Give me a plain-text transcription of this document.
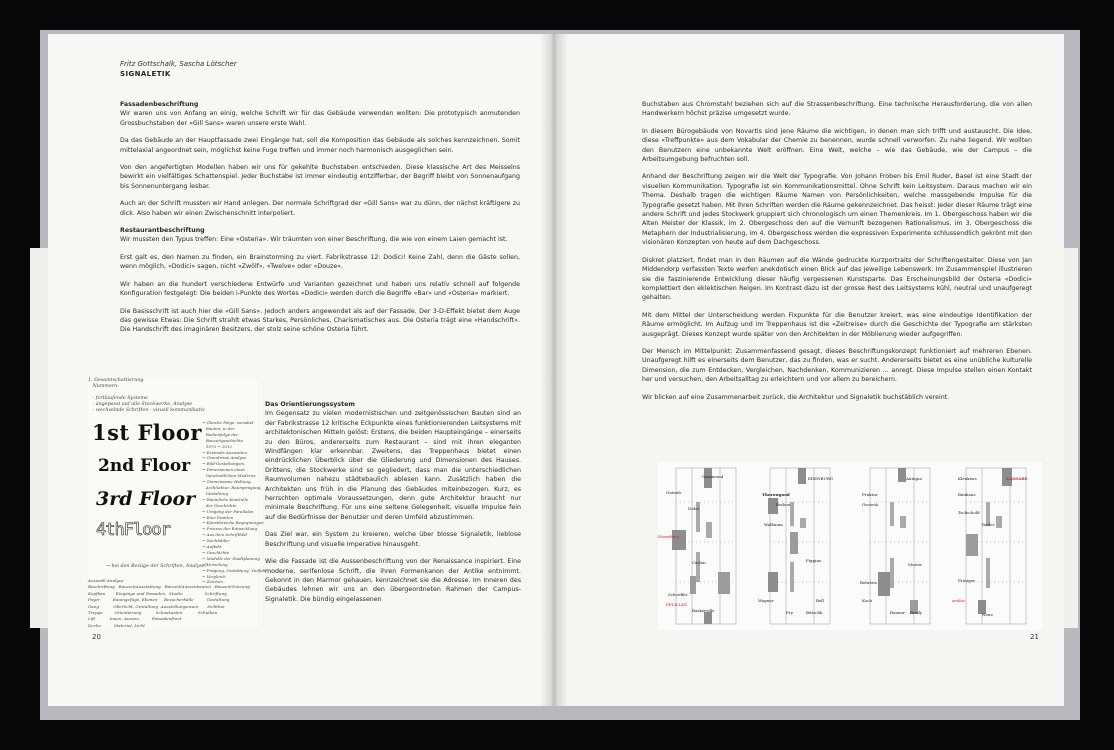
Fritz Gottschalk, Sascha Lötscher
SIGNALETIK
Fassadenbeschriftung

Wir waren uns von Anfang an einig, welche Schrift wir für das Gebäude verwenden wollten: Die prototypisch anmutenden Grossbuchstaben der «Gill Sans» waren unsere erste Wahl.

Da das Gebäude an der Hauptfassade zwei Eingänge hat, soll die Komposition das Gebäude als solches kennzeichnen. Somit mittelaxial angeordnet sein, möglichst keine Fuge treffen und immer noch harmonisch ausgeglichen sein.

Von den angefertigten Modellen haben wir uns für gekehlte Buchstaben entschieden. Diese klassische Art des Meisselns bewirkt ein vielfältiges Schattenspiel. Jeder Buchstabe ist immer eindeutig entzifferbar, der Begriff bleibt von Sonnenaufgang bis Sonnenuntergang lesbar.

Auch an der Schrift mussten wir Hand anlegen. Der normale Schriftgrad der «Gill Sans» war zu dünn, der nächst kräftigere zu dick. Also haben wir einen Zwischenschnitt interpoliert.

Restaurantbeschriftung

Wir mussten den Typus treffen: Eine «Osteria». Wir träumten von einer Beschriftung, die wie von einem Laien gemacht ist.

Erst galt es, den Namen zu finden, ein Brainstorming zu viert. Fabrikstrasse 12: Dodici! Keine Zahl, denn die Gäste sollen, wenn möglich, «Dodici» sagen, nicht «Zwölf», «Twelve» oder «Douze».

Wir haben an die hundert verschiedene Entwürfe und Varianten gezeichnet und haben uns relativ schnell auf folgende Konfiguration festgelegt: Die beiden i-Punkte des Wortes «Dodici» werden durch die Begriffe «Bar» und «Osteria» markiert.

Die Basisschrift ist auch hier die «Gill Sans». Jedoch anders angewendet als auf der Fassade. Der 3-D-Effekt bietet dem Auge das gewisse Etwas: Die Schrift strahlt etwas Starkes, Persönliches, Charismatisches aus. Die Osteria trägt eine «Handschrift». Die Handschrift des imaginären Besitzers, der stolz seine schöne Osteria führt.

Das Orientierungssystem

Im Gegensatz zu vielen modernistischen und zeitgenössischen Bauten sind an der Fabrikstrasse 12 kritische Eckpunkte eines funktionierenden Leitsystems mit architektonischen Mitteln gelöst: Erstens, die beiden Haupteingänge – einerseits zu den Büros, andererseits zum Restaurant – sind mit ihren eleganten Windfängen klar erkennbar. Zweitens, das Treppenhaus bietet einen eindrücklichen Überblick über die Gliederung und Dimensionen des Hauses. Drittens, die Stockwerke sind so gegliedert, dass man die unterschiedlichen Raumvolumen nahezu städtebaulich ablesen kann. Zusätzlich haben die Architekten uns früh in die Planung des Gebäudes miteinbezogen. Kurz, es herrschten optimale Voraussetzungen, denn gute Architektur braucht nur minimale Beschriftung. Für uns eine seltene Gelegenheit, visuelle Impulse fein auf die Bedürfnisse der Benutzer und deren Umfeld abzustimmen.

Das Ziel war, ein System zu kreieren, welche über blosse Signaletik, lieblose Beschriftung und visuelle Imperative hinausgeht.

Wie die Fassade ist die Aussenbeschriftung von der Renaissance inspiriert. Eine moderne, serifenlose Schrift, die ihren Formenkanon der Antike entnimmt. Gekonnt in den Marmor gehauen, kennzeichnet sie die Adresse. Im Inneren des Gebäudes lehnen wir uns an den übergeordneten Rahmen der Campus-Signaletik. Die bündig eingelassenen

1. Gesamtschattierung
Nummern:

- fortlaufende Systeme
- angepasst auf alle Stockwerke, Analyse
- wechselnde Schriften - visuell kommunikativ
1st Floor
2nd Floor
3rd Floor
4thFloor
→ Gleiche Folge, variabel
Bauten, in der
Reihenfolge der
Bauzeitgeschichte
1970 → 2012
→ Erstmals Ausweiten
→ Grundrisse Analyse
→ Bild-Gestaltungsm.
→ Dimensionen einer
Ganzheitlichen Moderne
→ Gemeinsame Haltung,
Architektur, Raumprägung,
Gestaltung
→ Räumliche Kontrolle
der Geschichte
→ Umgang der Parallelen
→ Eine Position
→ Künstlerische Begegnungen
→ Prozess der Entwicklung
→ Aus dem Schriftbild
→ Nachbilder
→ Auftakt
→ Geschichte
→ Modelle der Stadtplanung
→ Verteilung
→ Prägung, Gestaltung, Vielfalt
→ Vergleich
→ Zeichen
→ bei den Bezüge der Schriften, Analyse?
Auswahl Analyse:
Beschriftung   Bauzeit/Ausstattung   Bauzeit/Aussenbauten   Bauzeit/Nutzung
Kopfbau        Eingänge und Fassaden   Studio                 Schriftung
Foyer          Raumgefüge, Ebenen     Besucherhalle          Gestaltung
Gang           Oberlicht, Gestaltung  Ausstellungsraum       Sichtbar
Treppe         Orientierung           Schaukasten            Schulbau
Lift           Innen, Aussen          Fassadenfront
Decke          Material, Licht
20

Buchstaben aus Chromstahl beziehen sich auf die Strassenbeschriftung. Eine technische Herausforderung, die von allen Handwerkern höchst präzise umgesetzt wurde.

In diesem Bürogebäude von Novartis sind jene Räume die wichtigen, in denen man sich trifft und austauscht. Die Idee, diese «Treffpunkte» aus dem Vokabular der Chemie zu benennen, wurde schnell verworfen. Zu nahe liegend. Wir wollten den Benutzern eine unbekannte Welt eröffnen. Eine Welt, welche – wie das Gebäude, wie der Campus – die Arbeitsumgebung befruchten soll.

Anhand der Beschriftung zeigen wir die Welt der Typografie. Von Johann Froben bis Emil Ruder, Basel ist eine Stadt der visuellen Kommunikation. Typografie ist ein Kommunikationsmittel. Ohne Schrift kein Leitsystem. Daraus machen wir ein Thema. Deshalb tragen die wichtigen Räume Namen von Persönlichkeiten, welche massgebende Impulse für die Typografie gesetzt haben. Mit ihren Schriften werden die Räume gekennzeichnet. Das heisst: Jeder dieser Räume trägt eine andere Schrift und jedes Stockwerk gruppiert sich chronologisch um einen Themenkreis. Im 1. Obergeschoss haben wir die Alten Meister der Klassik, im 2. Obergeschoss den auf die Vernunft bezogenen Rationalismus, im 3. Obergeschoss die Metaphern der Industrialisierung, im 4. Obergeschoss werden die expressiven Experimente schlussendlich gekrönt mit den visionären Konzepten von heute auf dem Dachgeschoss.

Diskret platziert, findet man in den Räumen auf die Wände gedruckte Kurzportraits der Schriftengestalter. Diese von Jan Middendorp verfassten Texte werfen anekdotisch einen Blick auf das jeweilige Lebenswerk. Im Zusammenspiel illustrieren sie die faszinierende Entwicklung dieser häufig vergessenen Kunstsparte. Das Erscheinungsbild der Osteria «Dodici» komplettiert den eklektischen Reigen. Im Kontrast dazu ist der grosse Rest des Leitsystems kühl, neutral und unaufgeregt gehalten.

Mit dem Mittel der Unterscheidung werden Fixpunkte für die Benutzer kreiert, was eine eindeutige Identifikation der Räume ermöglicht. Im Aufzug und im Treppenhaus ist die «Zeitreise» durch die Geschichte der Typografie am stärksten ausgeprägt. Dieses Konzept wurde später von den Architekten in der Möblierung wieder aufgegriffen.

Der Mensch im Mittelpunkt: Zusammenfassend gesagt, dieses Beschriftungskonzept funktioniert auf mehreren Ebenen. Unaufgeregt hilft es einerseits dem Benutzer, das zu finden, was er sucht. Andererseits bietet es eine unübliche kulturelle Dimension, die zum Entdecken, Vergleichen, Nachdenken, Kommunizieren … anregt. Diese Impulse stellen einen Kontakt her und versuchen, den Arbeitsalltag zu erleichtern und vor allem zu bereichern.

Wir blicken auf eine Zusammenarbeit zurück, die Architektur und Signaletik buchstäblich vereint.

Garamond
Gutenb.
Didot
Dürerberg
Caslon
Schoeffer
FELICIAN
Baskerville
Thorowgood
EDENBURG
Bodoni
Walbaum
Figgins
Wagner	Bell
Fry	Bütschli
Antiqua
Fraktur
Grotesk
Morris
Behrens
Koch
Renner Brody
Kleukens
Bauhaus
Tschichold
Ruder
Frutiger
zeitlos
KASSABE
Neue
21
